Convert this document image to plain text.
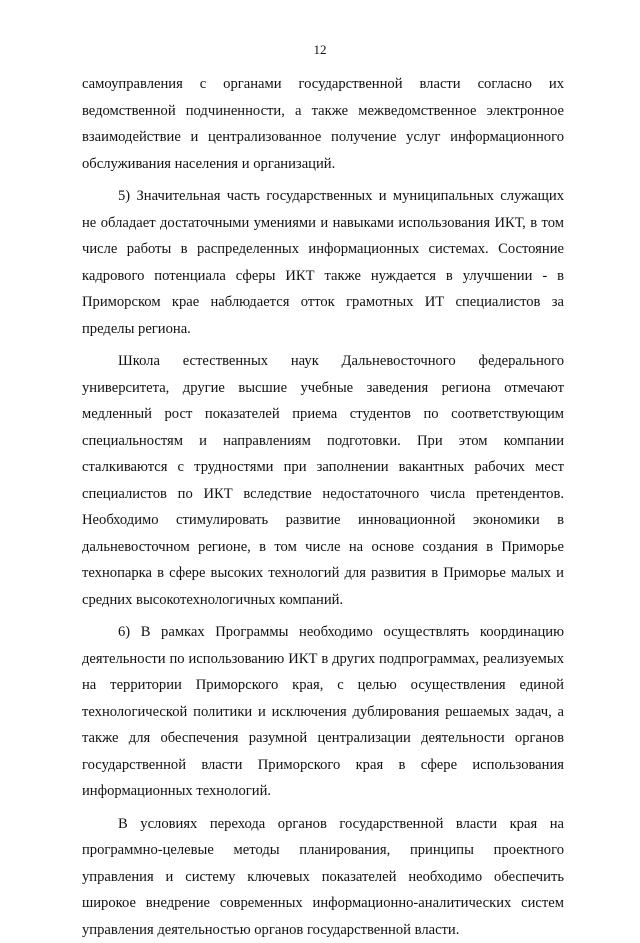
12

самоуправления с органами государственной власти согласно их ведомственной подчиненности, а также межведомственное электронное взаимодействие и централизованное получение услуг информационного обслуживания населения и организаций.

5) Значительная часть государственных и муниципальных служащих не обладает достаточными умениями и навыками использования ИКТ, в том числе работы в распределенных информационных системах. Состояние кадрового потенциала сферы ИКТ также нуждается в улучшении - в Приморском крае наблюдается отток грамотных ИТ специалистов за пределы региона.

Школа естественных наук Дальневосточного федерального университета, другие высшие учебные заведения региона отмечают медленный рост показателей приема студентов по соответствующим специальностям и направлениям подготовки. При этом компании сталкиваются с трудностями при заполнении вакантных рабочих мест специалистов по ИКТ вследствие недостаточного числа претендентов. Необходимо стимулировать развитие инновационной экономики в дальневосточном регионе, в том числе на основе создания в Приморье технопарка в сфере высоких технологий для развития в Приморье малых и средних высокотехнологичных компаний.

6) В рамках Программы необходимо осуществлять координацию деятельности по использованию ИКТ в других подпрограммах, реализуемых на территории Приморского края, с целью осуществления единой технологической политики и исключения дублирования решаемых задач, а также для обеспечения разумной централизации деятельности органов государственной власти Приморского края в сфере использования информационных технологий.

В условиях перехода органов государственной власти края на программно-целевые методы планирования, принципы проектного управления и систему ключевых показателей необходимо обеспечить широкое внедрение современных информационно-аналитических систем управления деятельностью органов государственной власти.
